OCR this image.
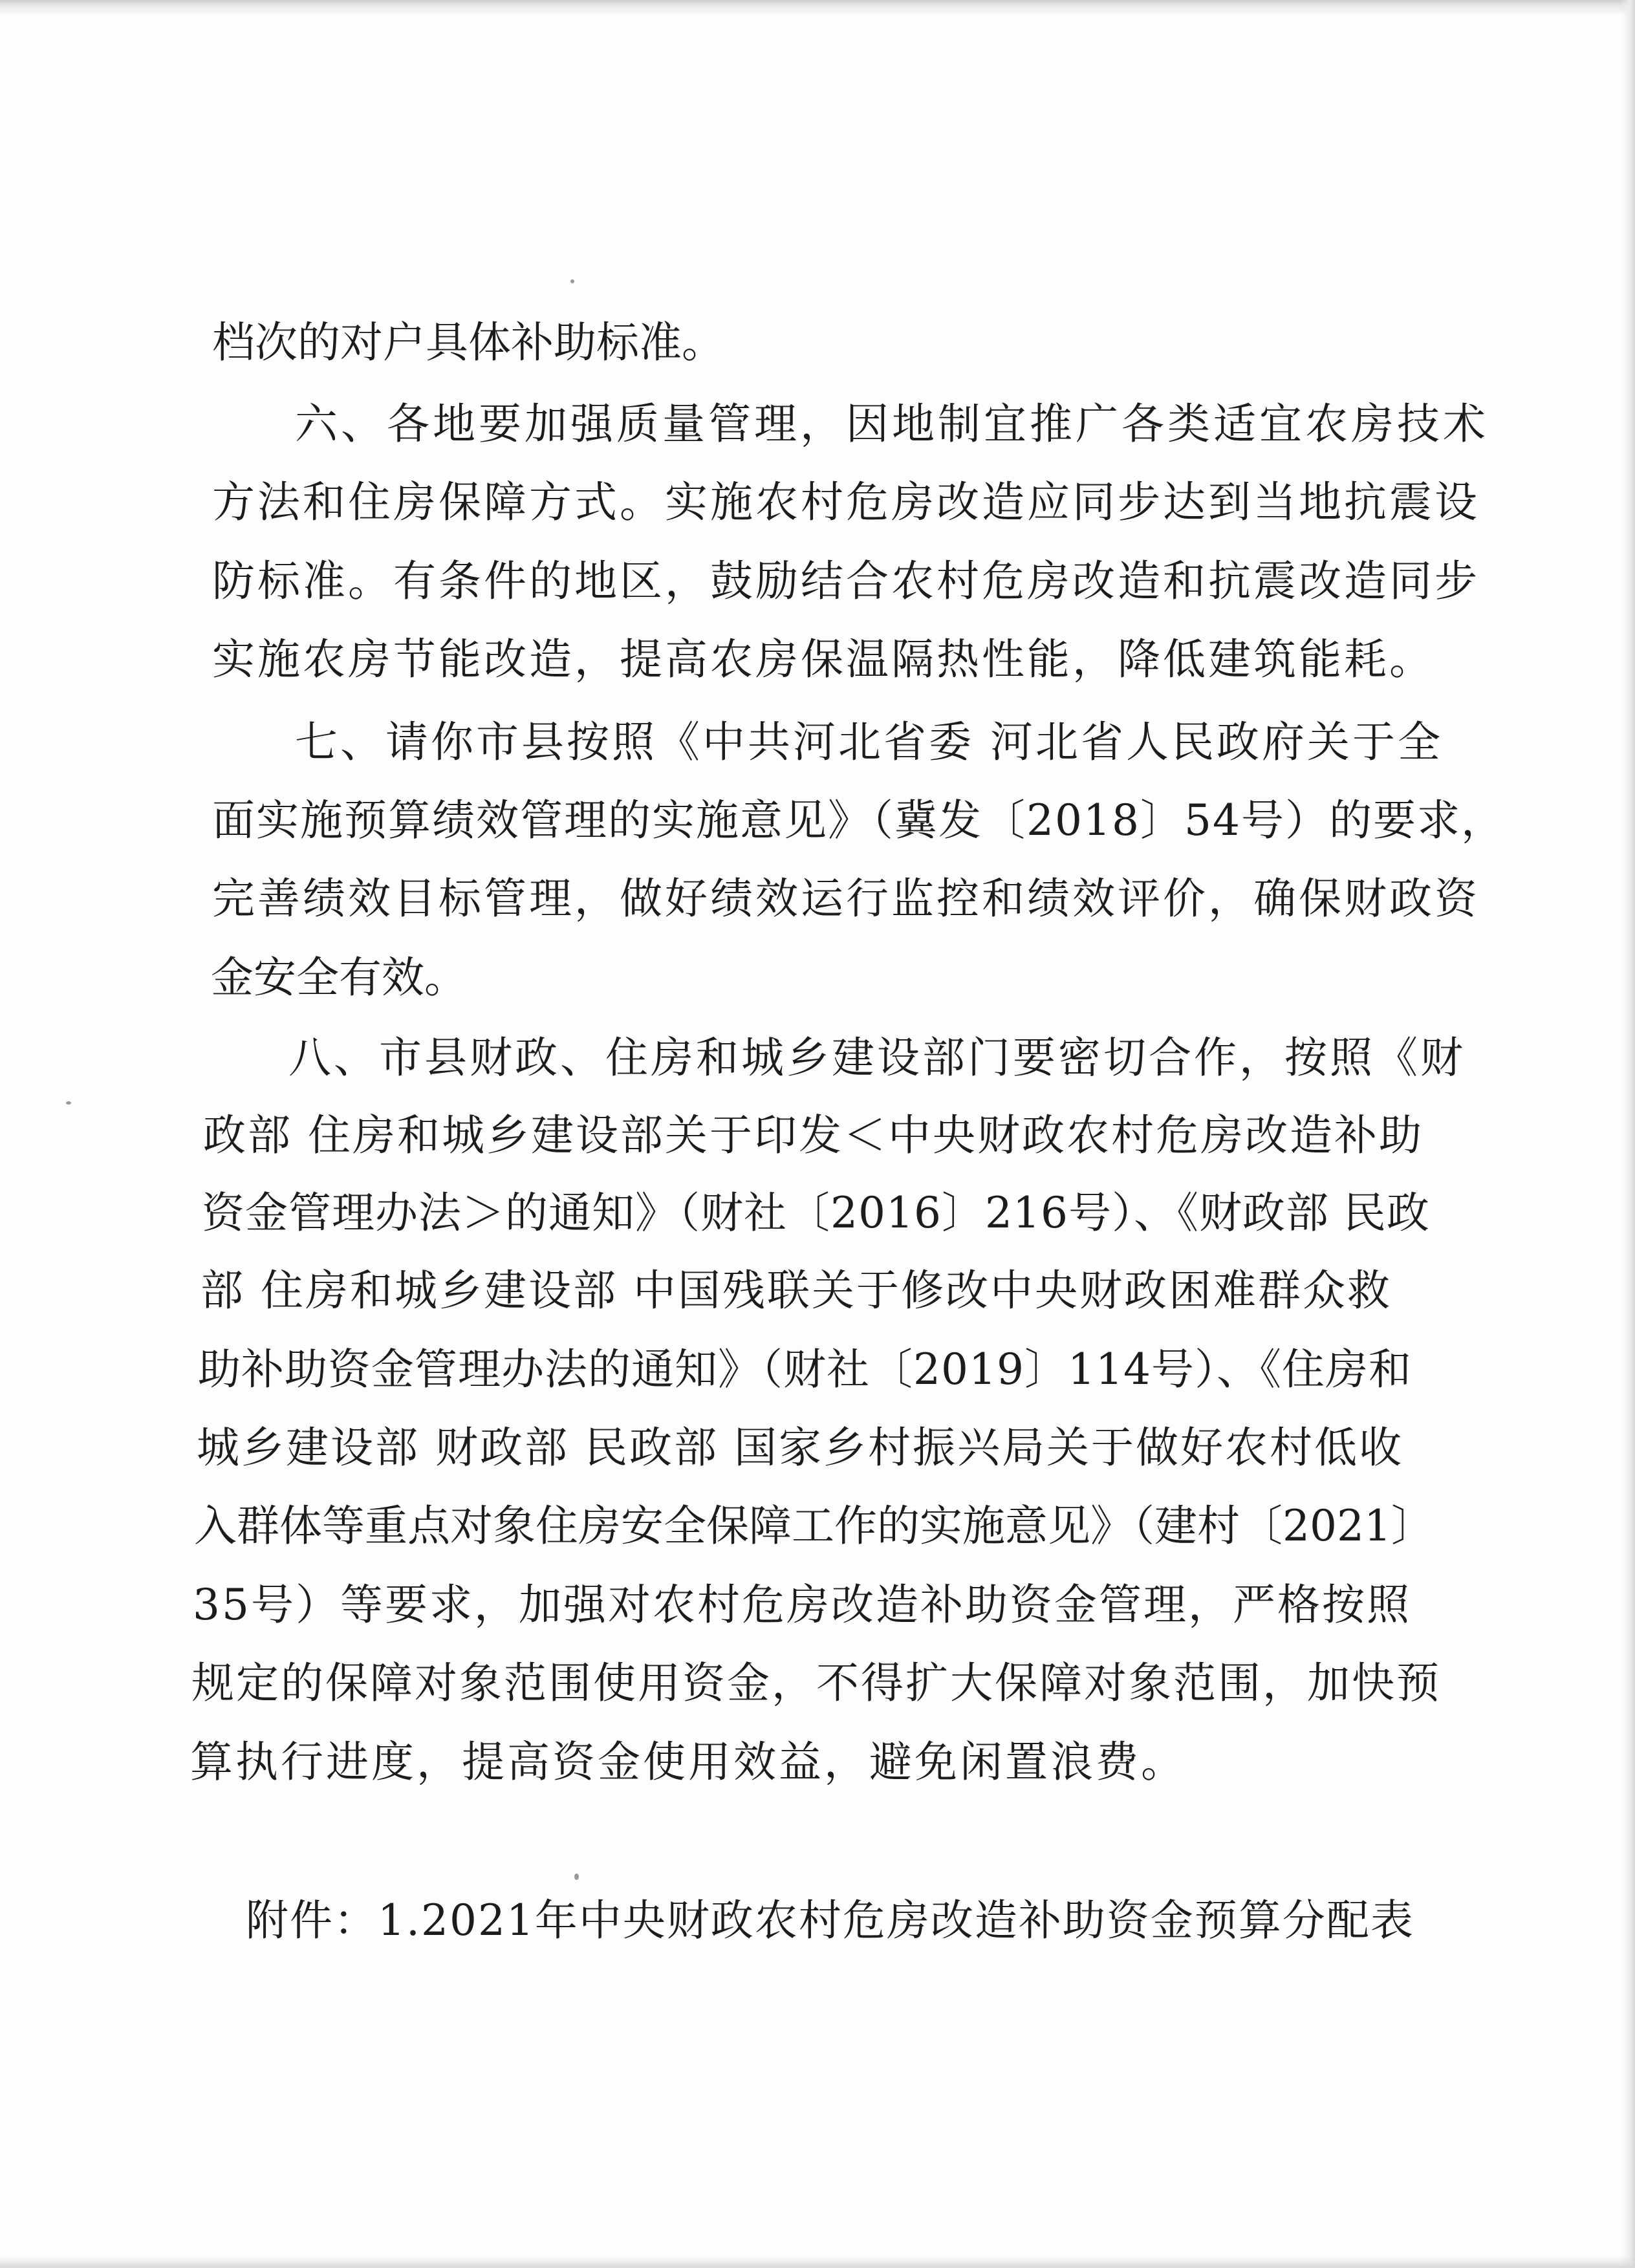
档次的对户具体补助标准。

六、各地要加强质量管理，因地制宜推广各类适宜农房技术

方法和住房保障方式。实施农村危房改造应同步达到当地抗震设

防标准。有条件的地区，鼓励结合农村危房改造和抗震改造同步

实施农房节能改造，提高农房保温隔热性能，降低建筑能耗。

七、请你市县按照《中共河北省委 河北省人民政府关于全

面实施预算绩效管理的实施意见》（冀发〔2018〕54号）的要求，

完善绩效目标管理，做好绩效运行监控和绩效评价，确保财政资

金安全有效。

八、市县财政、住房和城乡建设部门要密切合作，按照《财

政部 住房和城乡建设部关于印发＜中央财政农村危房改造补助

资金管理办法＞的通知》（财社〔2016〕216号）、《财政部 民政

部 住房和城乡建设部 中国残联关于修改中央财政困难群众救

助补助资金管理办法的通知》（财社〔2019〕114号）、《住房和

城乡建设部 财政部 民政部 国家乡村振兴局关于做好农村低收

入群体等重点对象住房安全保障工作的实施意见》（建村〔2021〕

35号）等要求，加强对农村危房改造补助资金管理，严格按照

规定的保障对象范围使用资金，不得扩大保障对象范围，加快预

算执行进度，提高资金使用效益，避免闲置浪费。

附件：1.2021年中央财政农村危房改造补助资金预算分配表
